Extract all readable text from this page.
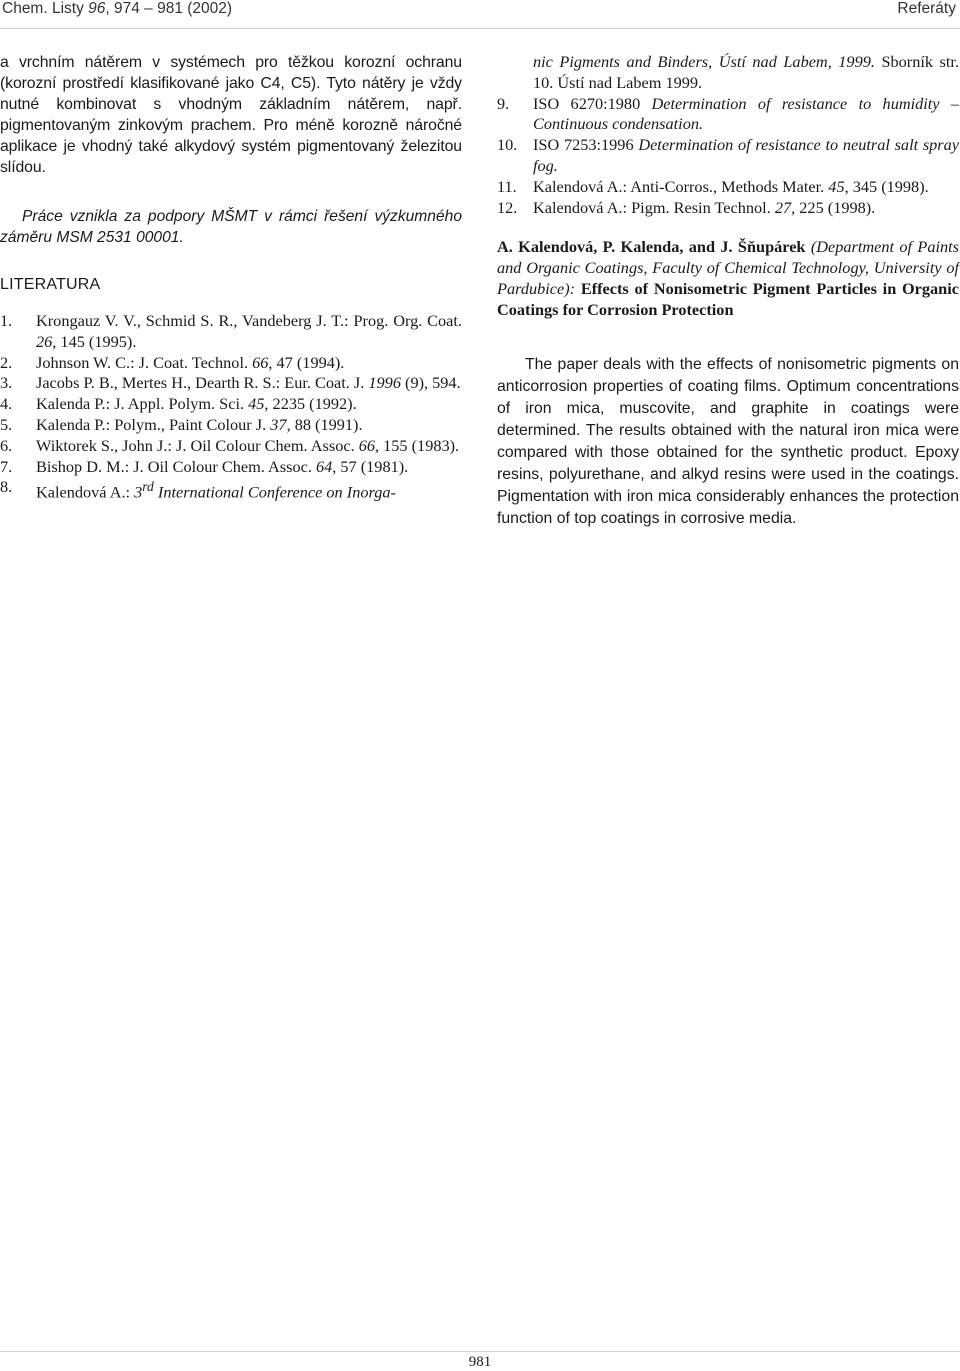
Chem. Listy 96, 974 – 981 (2002)	Referáty

a vrchním nátěrem v systémech pro těžkou korozní ochranu (korozní prostředí klasifikované jako C4, C5). Tyto nátěry je vždy nutné kombinovat s vhodným základním nátěrem, např. pigmentovaným zinkovým prachem. Pro méně korozně náročné aplikace je vhodný také alkydový systém pigmentovaný železitou slídou.

Práce vznikla za podpory MŠMT v rámci řešení výzkumného záměru MSM 2531 00001.

LITERATURA
1. Krongauz V. V., Schmid S. R., Vandeberg J. T.: Prog. Org. Coat. 26, 145 (1995).
2. Johnson W. C.: J. Coat. Technol. 66, 47 (1994).
3. Jacobs P. B., Mertes H., Dearth R. S.: Eur. Coat. J. 1996 (9), 594.
4. Kalenda P.: J. Appl. Polym. Sci. 45, 2235 (1992).
5. Kalenda P.: Polym., Paint Colour J. 37, 88 (1991).
6. Wiktorek S., John J.: J. Oil Colour Chem. Assoc. 66, 155 (1983).
7. Bishop D. M.: J. Oil Colour Chem. Assoc. 64, 57 (1981).
8. Kalendová A.: 3rd International Conference on Inorga-
nic Pigments and Binders, Ústí nad Labem, 1999. Sborník str. 10. Ústí nad Labem 1999.
9. ISO 6270:1980 Determination of resistance to humidity – Continuous condensation.
10. ISO 7253:1996 Determination of resistance to neutral salt spray fog.
11. Kalendová A.: Anti-Corros., Methods Mater. 45, 345 (1998).
12. Kalendová A.: Pigm. Resin Technol. 27, 225 (1998).

A. Kalendová, P. Kalenda, and J. Šňupárek (Department of Paints and Organic Coatings, Faculty of Chemical Technology, University of Pardubice): Effects of Nonisometric Pigment Particles in Organic Coatings for Corrosion Protection

The paper deals with the effects of nonisometric pigments on anticorrosion properties of coating films. Optimum concentrations of iron mica, muscovite, and graphite in coatings were determined. The results obtained with the natural iron mica were compared with those obtained for the synthetic product. Epoxy resins, polyurethane, and alkyd resins were used in the coatings. Pigmentation with iron mica considerably enhances the protection function of top coatings in corrosive media.

981
